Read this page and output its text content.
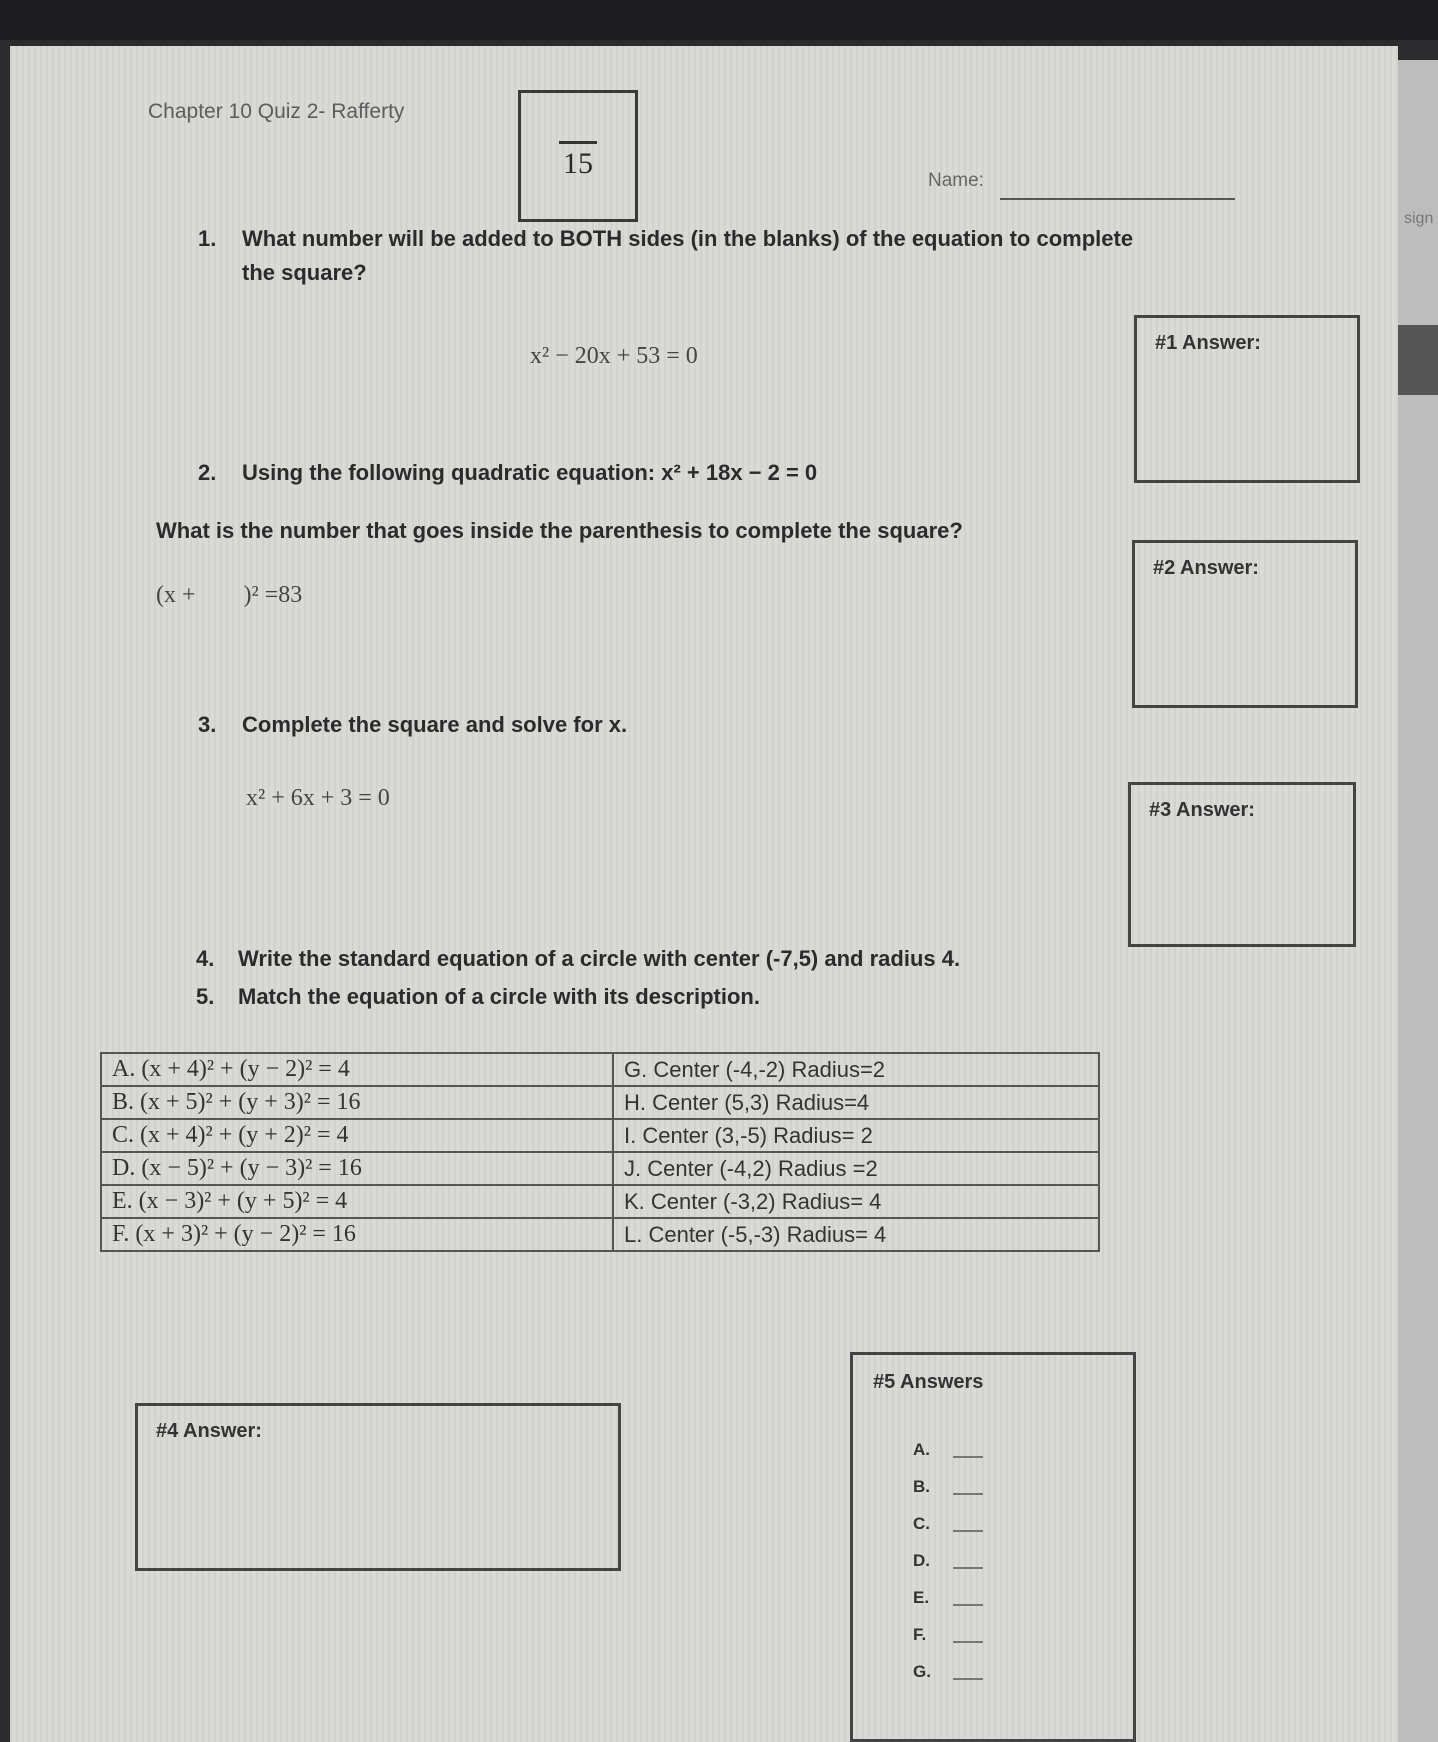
sign
Chapter 10 Quiz 2- Rafferty
15
Name:
1. What number will be added to BOTH sides (in the blanks) of the equation to complete
the square?
x² − 20x + 53 = 0	#1 Answer:
2. Using the following quadratic equation: x² + 18x − 2 = 0
What is the number that goes inside the parenthesis to complete the square?
(x +        )² =83
#2 Answer:
3. Complete the square and solve for x.
x² + 6x + 3 = 0	#3 Answer:
4. Write the standard equation of a circle with center (-7,5) and radius 4.
5. Match the equation of a circle with its description.
A. (x + 4)² + (y − 2)² = 4	G. Center (-4,-2) Radius=2
B. (x + 5)² + (y + 3)² = 16	H. Center (5,3) Radius=4
C. (x + 4)² + (y + 2)² = 4	I. Center (3,-5) Radius= 2
D. (x − 5)² + (y − 3)² = 16	J. Center (-4,2) Radius =2
E. (x − 3)² + (y + 5)² = 4	K. Center (-3,2) Radius= 4
F. (x + 3)² + (y − 2)² = 16	L. Center (-5,-3) Radius= 4
#4 Answer:
#5 Answers
A.
B.
C.
D.
E.
F.
G.
